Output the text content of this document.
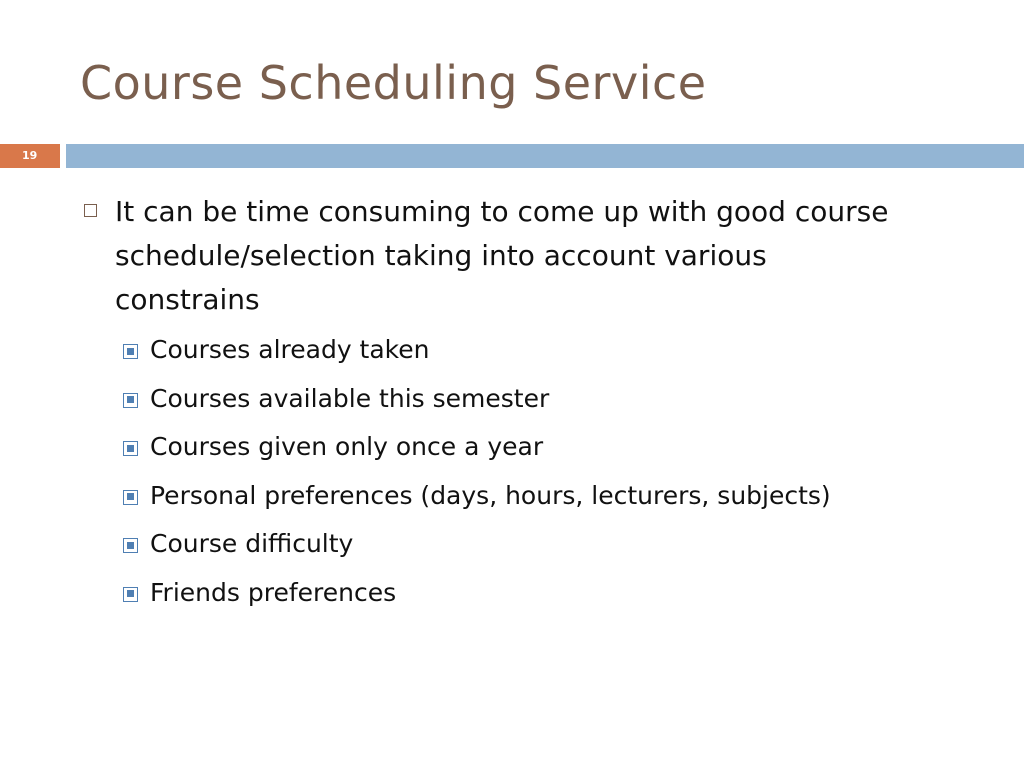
Course Scheduling Service
19
It can be time consuming to come up with good course schedule/selection taking into account various constrains
Courses already taken
Courses available this semester
Courses given only once a year
Personal preferences (days, hours, lecturers, subjects)
Course difficulty
Friends preferences
